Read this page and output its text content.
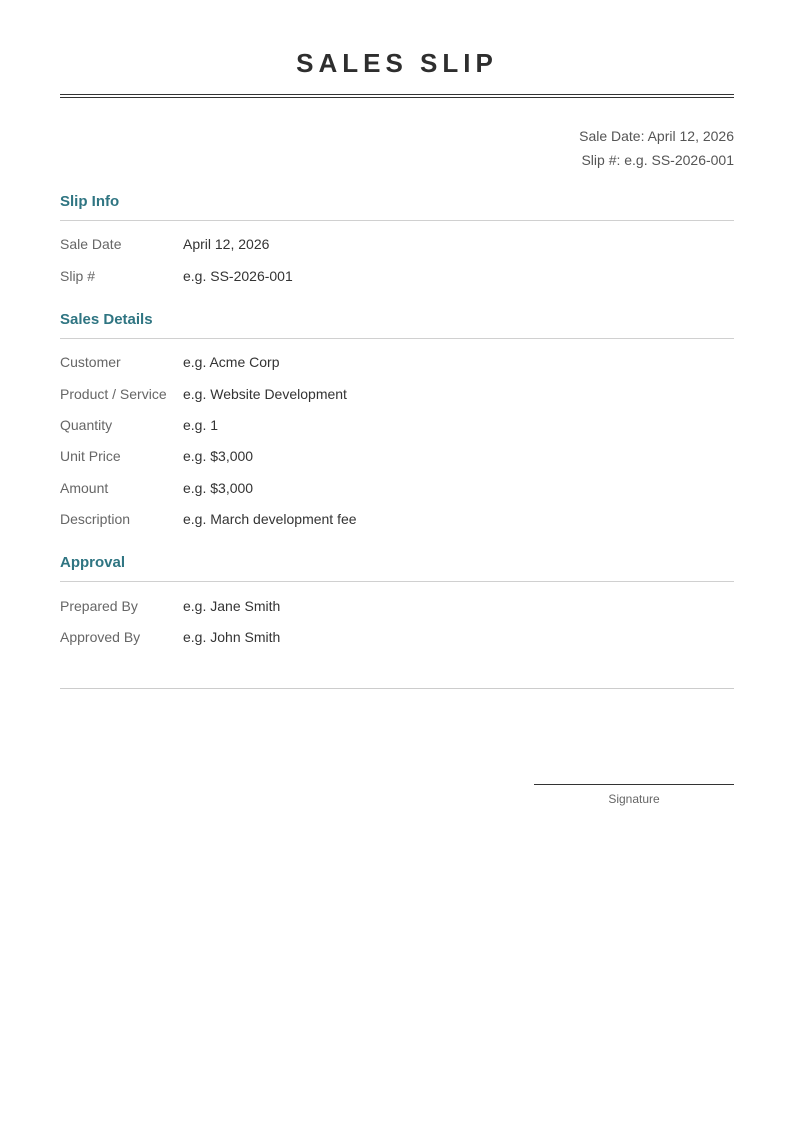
SALES SLIP
Sale Date: April 12, 2026
Slip #: e.g. SS-2026-001
Slip Info
Sale Date	April 12, 2026
Slip #	e.g. SS-2026-001
Sales Details
Customer	e.g. Acme Corp
Product / Service	e.g. Website Development
Quantity	e.g. 1
Unit Price	e.g. $3,000
Amount	e.g. $3,000
Description	e.g. March development fee
Approval
Prepared By	e.g. Jane Smith
Approved By	e.g. John Smith
Signature
